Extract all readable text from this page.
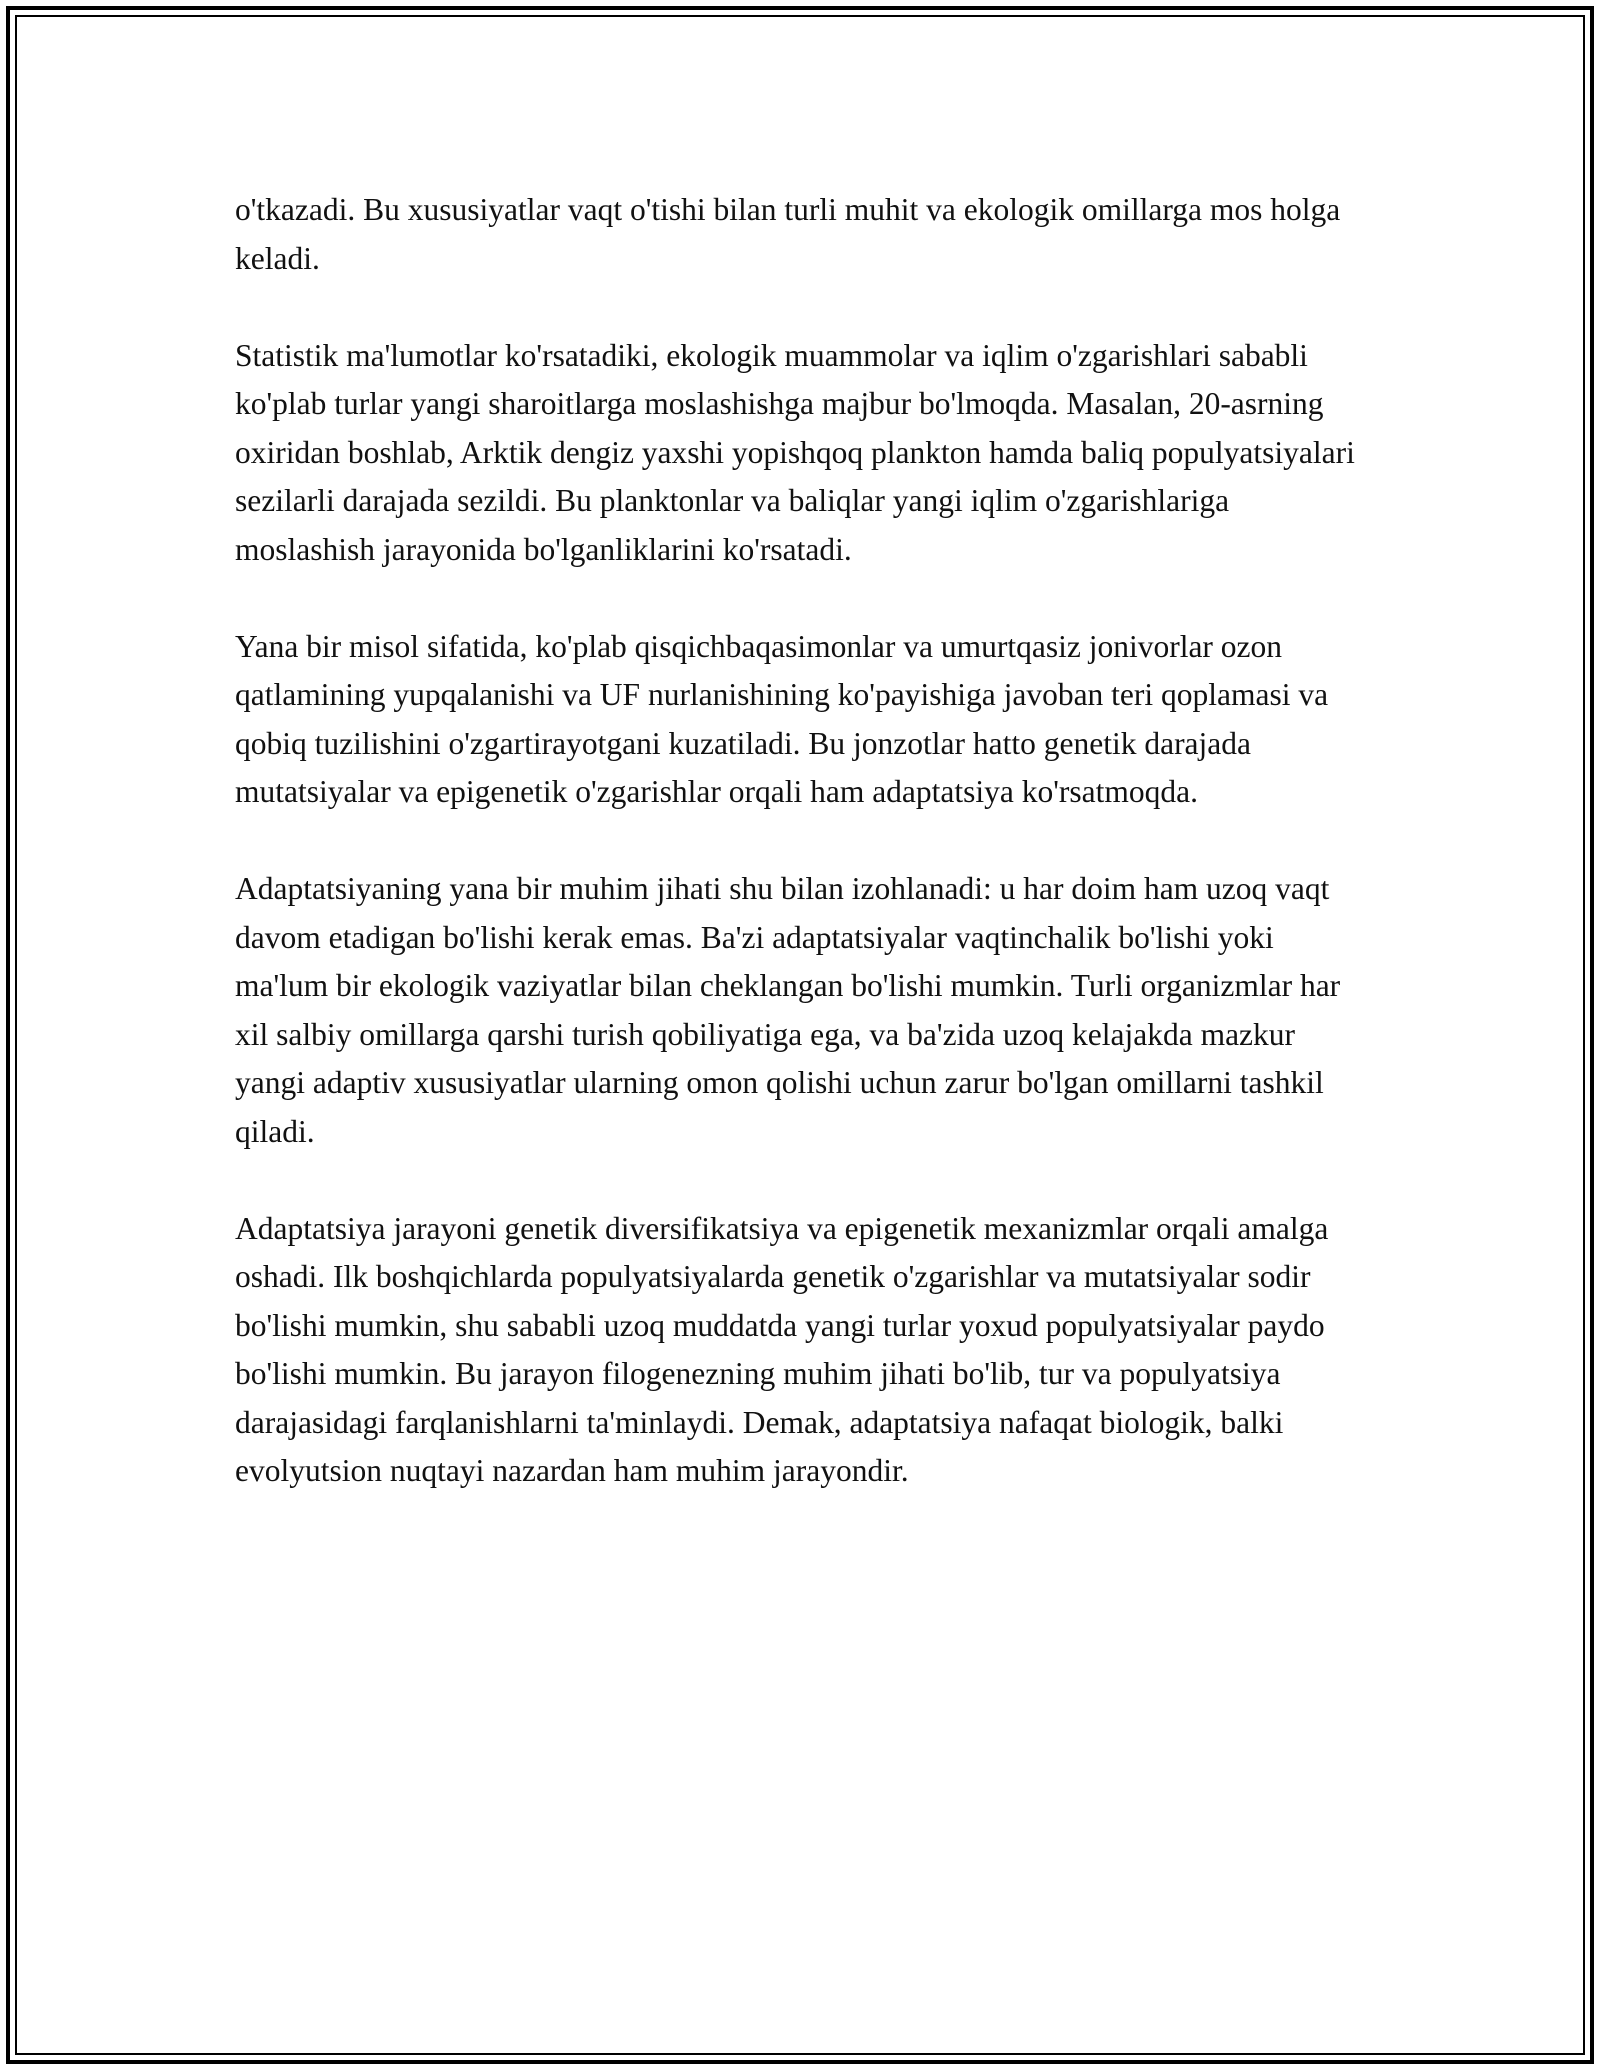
o'tkazadi. Bu xususiyatlar vaqt o'tishi bilan turli muhit va ekologik omillarga mos holga keladi.

Statistik ma'lumotlar ko'rsatadiki, ekologik muammolar va iqlim o'zgarishlari sababli ko'plab turlar yangi sharoitlarga moslashishga majbur bo'lmoqda. Masalan, 20-asrning oxiridan boshlab, Arktik dengiz yaxshi yopishqoq plankton hamda baliq populyatsiyalari sezilarli darajada sezildi. Bu planktonlar va baliqlar yangi iqlim o'zgarishlariga moslashish jarayonida bo'lganliklarini ko'rsatadi.

Yana bir misol sifatida, ko'plab qisqichbaqasimonlar va umurtqasiz jonivorlar ozon qatlamining yupqalanishi va UF nurlanishining ko'payishiga javoban teri qoplamasi va qobiq tuzilishini o'zgartirayotgani kuzatiladi. Bu jonzotlar hatto genetik darajada mutatsiyalar va epigenetik o'zgarishlar orqali ham adaptatsiya ko'rsatmoqda.

Adaptatsiyaning yana bir muhim jihati shu bilan izohlanadi: u har doim ham uzoq vaqt davom etadigan bo'lishi kerak emas. Ba'zi adaptatsiyalar vaqtinchalik bo'lishi yoki ma'lum bir ekologik vaziyatlar bilan cheklangan bo'lishi mumkin. Turli organizmlar har xil salbiy omillarga qarshi turish qobiliyatiga ega, va ba'zida uzoq kelajakda mazkur yangi adaptiv xususiyatlar ularning omon qolishi uchun zarur bo'lgan omillarni tashkil qiladi.

Adaptatsiya jarayoni genetik diversifikatsiya va epigenetik mexanizmlar orqali amalga oshadi. Ilk boshqichlarda populyatsiyalarda genetik o'zgarishlar va mutatsiyalar sodir bo'lishi mumkin, shu sababli uzoq muddatda yangi turlar yoxud populyatsiyalar paydo bo'lishi mumkin. Bu jarayon filogenezning muhim jihati bo'lib, tur va populyatsiya darajasidagi farqlanishlarni ta'minlaydi. Demak, adaptatsiya nafaqat biologik, balki evolyutsion nuqtayi nazardan ham muhim jarayondir.
